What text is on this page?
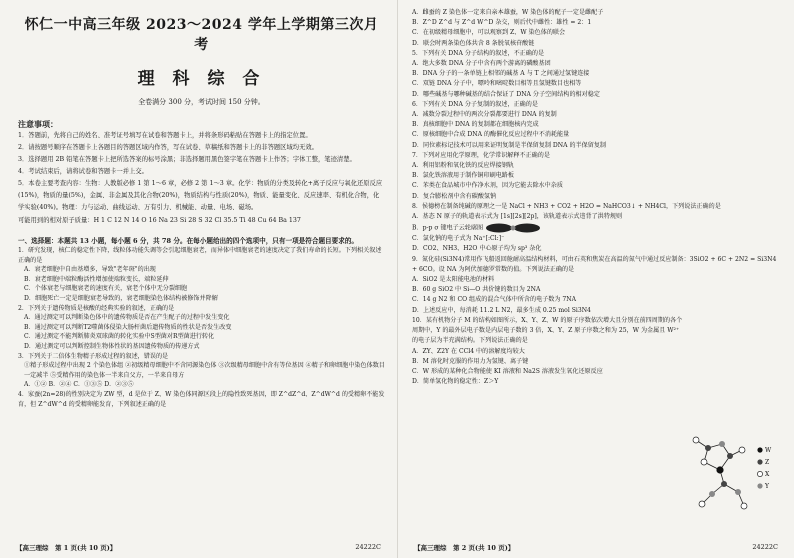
怀仁一中高三年级 2023～2024 学年上学期第三次月考
理 科 综 合
全卷满分 300 分，考试时间 150 分钟。
注意事项：
1．答题前，先将自己的姓名、准考证号填写在试卷和答题卡上，并将条形码粘贴在答题卡上的指定位置。
2．请按题号顺序在答题卡上各题目的答题区域内作答，写在试卷、草稿纸和答题卡上的非答题区域均无效。
3．选择题用 2B 铅笔在答题卡上把所选答案的标号涂黑；非选择题用黑色签字笔在答题卡上作答；字体工整，笔迹清楚。
4．考试结束后，请将试卷和答题卡一并上交。
5．本卷主要考查内容：生物：人教版必修 1 第 1～6 章，必修 2 第 1～3 章。化学：物质的分类及转化+离子反应与氧化还原反应(15%)，物质的量(5%)，金属、非金属及其化合物(20%)，物质结构与性质(20%)，物质、能量变化、反应速率、有机化合物，化学实验(40%)。物理：力与运动、曲线运动、万有引力、机械能、动量、电场、磁场。
可能用到的相对原子质量：H 1 C 12 N 14 O 16 Na 23 Si 28 S 32 Cl 35.5 Ti 48 Cu 64 Ba 137
一、选择题：本题共 13 小题，每小题 6 分，共 78 分。在每小题给出的四个选项中，只有一项是符合题目要求的。

1．研究发现，核仁的稳定性下降，线粒体功能失调等会引起细胞衰老，而异体中细胞衰老的速度决定了我们寿命的长短。下列相关叙述正确的是

A．衰老细胞中自由基增多，导致"老年斑"的出现

B．衰老细胞中端粒酶活性增加使端粒变长，端粒延伸

C．个体衰老与细胞衰老的速度有关，衰老个体中无分裂细胞

D．细胞死亡一定是细胞衰老导致的，衰老细胞染色体结构被修饰并降解

2．下列关于遗传物质是核酸的经典实验的叙述，正确的是

A．通过测定可以判断染色体中的遗传物质是否在产生配子的过程中发生变化

B．通过测定可以判断T2噬菌体侵染大肠杆菌后遗传物质的性状是否发生改变

C．通过测定不能判断肺炎双球菌的转化实验中S型菌对R型菌进行转化

D．通过测定可以判断控制生物体性状的基因遗传物质的传递方式

3．下列关于二倍体生物精子形成过程的叙述，错误的是

①精子形成过程中出现 2 个染色体组 ②初级精母细胞中不含同源染色体 ③次级精母细胞中含有等位基因 ④精子和卵细胞中染色体数目一定减半 ⑤受精作用的染色体一半来自父方，一半来自母方

A．①② B．②④ C．①③⑤ D．②③⑤

4．家蚕(2n=28)的性别决定为 ZW 型，d 是位于 Z、W 染色体同源区段上的隐性致死基因，即 Z^dZ^d、Z^dW^d 的受精卵不能发育，但 Z^dW^d 的受精卵能发育，下列叙述正确的是

【高三理综　第 1 页(共 10 页)】	24222C

A．雌蚕的 Z 染色体一定来自亲本雄蚕，W 染色体的配子一定是雌配子

B．Z^D Z^d 与 Z^d W^D 杂交，则后代中雌性：雄性 = 2：1

C．在初级精母细胞中，可以观察到 Z、W 染色体的联会

D．联会时两条染色体共含 8 条脱氧核苷酸链

5．下列有关 DNA 分子结构的叙述，不正确的是

A．绝大多数 DNA 分子中含有两个游离的磷酸基团

B．DNA 分子的一条单链上相邻的碱基 A 与 T 之间通过氢键连接

C．双链 DNA 分子中，嘌呤和嘧啶数目相等且氢键数目也相等

D．哪些碱基与哪种碱基的结合保证了 DNA 分子空间结构的相对稳定

6．下列有关 DNA 分子复制的叙述，正确的是

A．减数分裂过程中的两次分裂都要进行 DNA 的复制

B．真核细胞中 DNA 的复制都在细胞核内完成

C．原核细胞中合成 DNA 的酶催化反应过程中不消耗能量

D．同位素标记技术可以用来证明复制是半保留复制 DNA 的半保留复制

7．下列对应用化学原理，化学常识解释不正确的是

A．利用铝粉和氧化铁的反应焊接钢轨

B．氯化铁溶液用于制作铜印刷电路板

C．苯类在食品城市中作净水剂，因为它能去除水中杂质

D．复合膨松剂中含有碳酸氢钠

8．侯德榜在制备纯碱的原理之一是 NaCl + NH3 + CO2 + H2O = NaHCO3↓ + NH4Cl，下列说法正确的是

A．基态 N 原子的轨道表示式为 [1s][2s][2p]，该轨道表示式违背了洪特规则

B．p-p σ 键电子云轮廓图

C．氯化钠的电子式为 Na⁺[:Cl:]⁻

D．CO2、NH3、H2O 中心原子均为 sp³ 杂化

9．氮化硅(Si3N4)常用作飞船返回舱耐高温结构材料，可由石英和焦炭在高温的氮气中通过反应制备：3SiO2 + 6C + 2N2 = Si3N4 + 6CO。设 NA 为阿伏加德罗常数的值。下列说法正确的是

A．SiO2 是太阳能电池的材料

B．60 g SiO2 中 Si—O 共价键的数目为 2NA

C．14 g N2 和 CO 组成的混合气体中所含的电子数为 7NA

D．上述反应中，每消耗 11.2 L N2，最多生成 0.25 mol Si3N4

10．某有机物分子 M 的结构如图所示，X、Y、Z、W 的原子序数依次增大且分别在前四周期的各个周期中，Y 的最外层电子数是内层电子数的 3 倍，X、Y、Z 原子序数之和为 25，W 为金属且 W²⁺ 的电子层为半充满结构。下列说法正确的是

A．ZY、Z2Y 在 CCl4 中的溶解度均较大

B．M 溶化时克服的作用力为氢键、离子键

C．W 形成的某种化合物能使 KI 溶液和 Na2S 溶液发生氧化还原反应

D．简单氢化物的稳定性：Z＞Y

W
Z
X
Y
【高三理综　第 2 页(共 10 页)】	24222C
